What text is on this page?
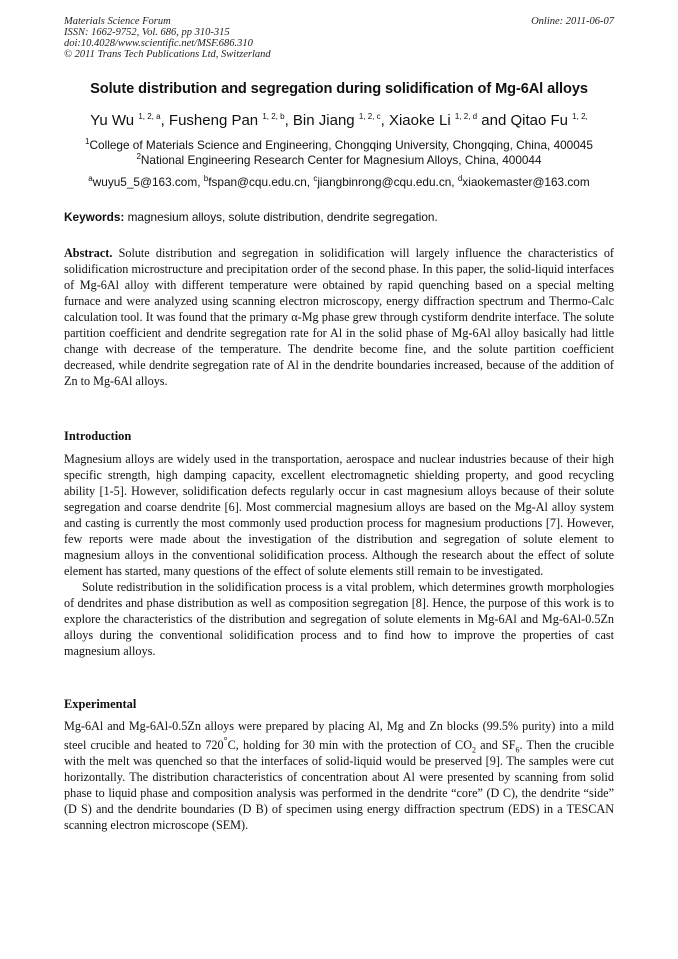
Materials Science Forum
ISSN: 1662-9752, Vol. 686, pp 310-315
doi:10.4028/www.scientific.net/MSF.686.310
© 2011 Trans Tech Publications Ltd, Switzerland
Online: 2011-06-07
Solute distribution and segregation during solidification of Mg-6Al alloys
Yu Wu $^{1, 2, a}$, Fusheng Pan $^{1, 2, b}$, Bin Jiang $^{1, 2, c}$, Xiaoke Li $^{1, 2, d}$ and Qitao Fu $^{1, 2,}$
$^1$College of Materials Science and Engineering, Chongqing University, Chongqing, China, 400045
$^2$National Engineering Research Center for Magnesium Alloys, China, 400044
$^a$wuyu5_5@163.com, $^b$fspan@cqu.edu.cn, $^c$jiangbinrong@cqu.edu.cn, $^d$xiaokemaster@163.com
Keywords: magnesium alloys, solute distribution, dendrite segregation.

Abstract. Solute distribution and segregation in solidification will largely influence the characteristics of solidification microstructure and precipitation order of the second phase. In this paper, the solid-liquid interfaces of Mg-6Al alloy with different temperature were obtained by rapid quenching based on a special melting furnace and were analyzed using scanning electron microscopy, energy diffraction spectrum and Thermo-Calc calculation tool. It was found that the primary α-Mg phase grew through cystiform dendrite interface. The solute partition coefficient and dendrite segregation rate for Al in the solid phase of Mg-6Al alloy basically had little change with decrease of the temperature. The dendrite become fine, and the solute partition coefficient decreased, while dendrite segregation rate of Al in the dendrite boundaries increased, because of the addition of Zn to Mg-6Al alloys.

Introduction

Magnesium alloys are widely used in the transportation, aerospace and nuclear industries because of their high specific strength, high damping capacity, excellent electromagnetic shielding property, and good recycling ability [1-5]. However, solidification defects regularly occur in cast magnesium alloys because of their solute segregation and coarse dendrite [6]. Most commercial magnesium alloys are based on the Mg-Al alloy system and casting is currently the most commonly used production process for magnesium productions [7]. However, few reports were made about the investigation of the distribution and segregation of solute element to magnesium alloys in the conventional solidification process. Although the research about the effect of solute element has started, many questions of the effect of solute elements still remain to be investigated.

Solute redistribution in the solidification process is a vital problem, which determines growth morphologies of dendrites and phase distribution as well as composition segregation [8]. Hence, the purpose of this work is to explore the characteristics of the distribution and segregation of solute elements in Mg-6Al and Mg-6Al-0.5Zn alloys during the conventional solidification process and to find how to improve the properties of cast magnesium alloys.

Experimental

Mg-6Al and Mg-6Al-0.5Zn alloys were prepared by placing Al, Mg and Zn blocks (99.5% purity) into a mild steel crucible and heated to 720°C, holding for 30 min with the protection of $CO_2$ and $SF_6$. Then the crucible with the melt was quenched so that the interfaces of solid-liquid would be preserved [9]. The samples were cut horizontally. The distribution characteristics of concentration about Al were presented by scanning from solid phase to liquid phase and composition analysis was performed in the dendrite “core” (D C), the dendrite “side” (D S) and the dendrite boundaries (D B) of specimen using energy diffraction spectrum (EDS) in a TESCAN scanning electron microscope (SEM).
